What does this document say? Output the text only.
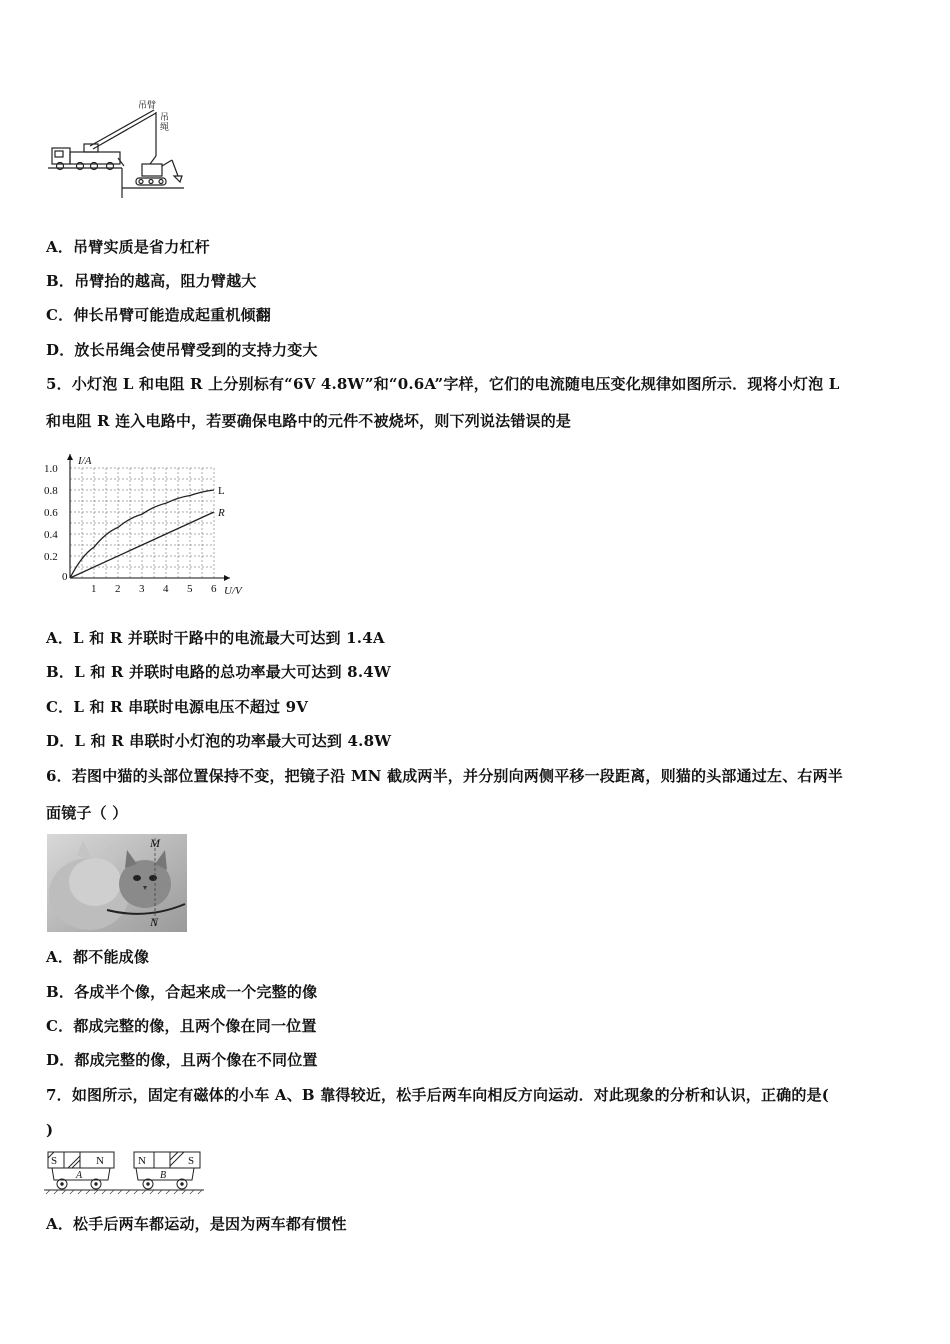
吊臂
吊 绳
A．吊臂实质是省力杠杆
B．吊臂抬的越高，阻力臂越大
C．伸长吊臂可能造成起重机倾翻
D．放长吊绳会使吊臂受到的支持力变大
5．小灯泡 L 和电阻 R 上分别标有“6V 4.8W”和“0.6A”字样，它们的电流随电压变化规律如图所示．现将小灯泡 L
和电阻 R 连入电路中，若要确保电路中的元件不被烧坏，则下列说法错误的是
0
1 2 3 4 5 6
0.2
0.4
0.6
0.8
1.0
U/V
I/A
L
R
A．L 和 R 并联时干路中的电流最大可达到 1.4A
B．L 和 R 并联时电路的总功率最大可达到 8.4W
C．L 和 R 串联时电源电压不超过 9V
D．L 和 R 串联时小灯泡的功率最大可达到 4.8W
6．若图中猫的头部位置保持不变，把镜子沿 MN 截成两半，并分别向两侧平移一段距离，则猫的头部通过左、右两半
面镜子（ ）
M
N
A．都不能成像
B．各成半个像，合起来成一个完整的像
C．都成完整的像，且两个像在同一位置
D．都成完整的像，且两个像在不同位置
7．如图所示，固定有磁体的小车 A、B 靠得较近，松手后两车向相反方向运动．对此现象的分析和认识，正确的是(
)
S	N
A
N	S
B
A．松手后两车都运动，是因为两车都有惯性
